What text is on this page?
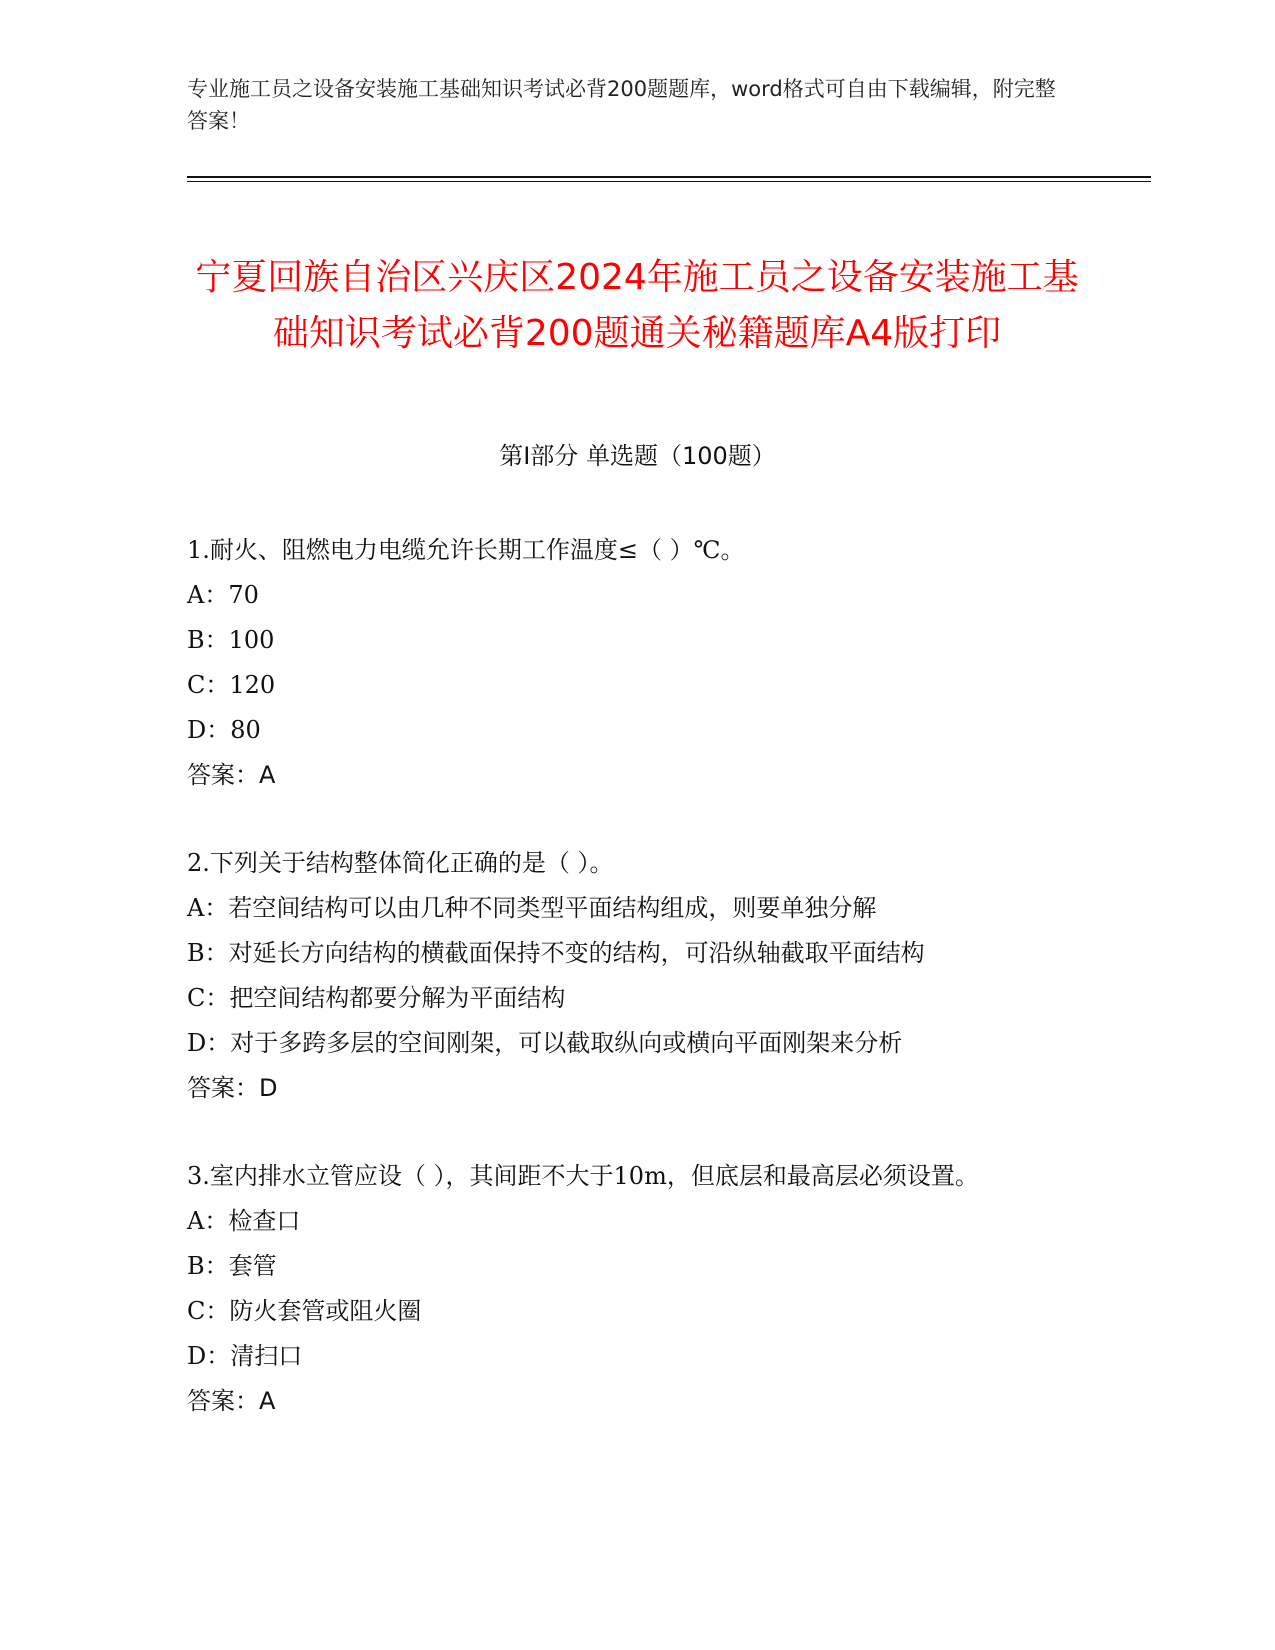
专业施工员之设备安装施工基础知识考试必背200题题库，word格式可自由下载编辑，附完整答案！
宁夏回族自治区兴庆区2024年施工员之设备安装施工基础知识考试必背200题通关秘籍题库A4版打印
第I部分 单选题（100题）
1.耐火、阻燃电力电缆允许长期工作温度≤（ ）℃。
A：70
B：100
C：120
D：80
答案：A
2.下列关于结构整体简化正确的是（ ）。
A：若空间结构可以由几种不同类型平面结构组成，则要单独分解
B：对延长方向结构的横截面保持不变的结构，可沿纵轴截取平面结构
C：把空间结构都要分解为平面结构
D：对于多跨多层的空间刚架，可以截取纵向或横向平面刚架来分析
答案：D
3.室内排水立管应设（ ），其间距不大于10m，但底层和最高层必须设置。
A：检查口
B：套管
C：防火套管或阻火圈
D：清扫口
答案：A
